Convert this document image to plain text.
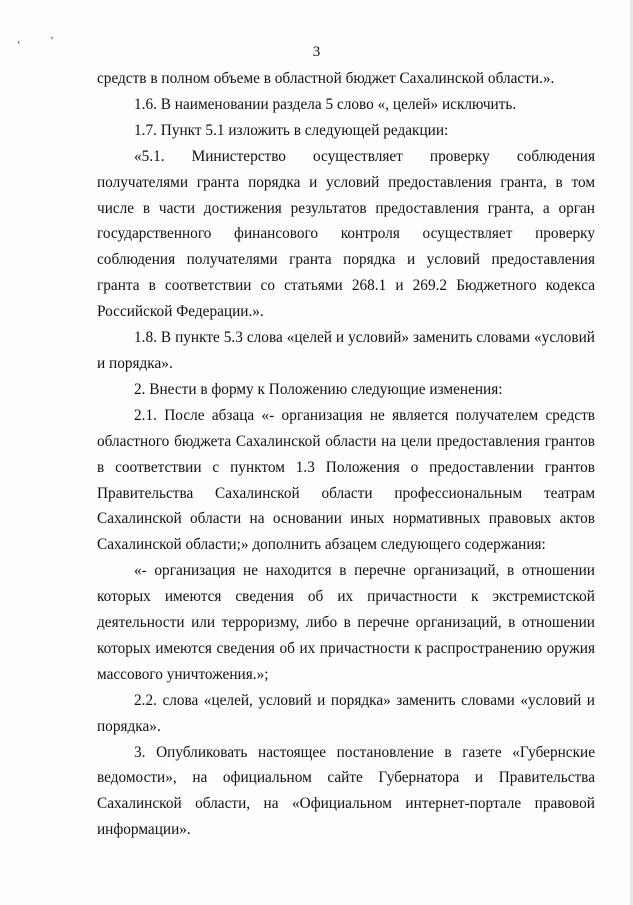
‘	’
3

средств в полном объеме в областной бюджет Сахалинской области.».

1.6. В наименовании раздела 5 слово «, целей» исключить.

1.7. Пункт 5.1 изложить в следующей редакции:

«5.1. Министерство осуществляет проверку соблюдения получателями гранта порядка и условий предоставления гранта, в том числе в части достижения результатов предоставления гранта, а орган государственного финансового контроля осуществляет проверку соблюдения получателями гранта порядка и условий предоставления гранта в соответствии со статьями 268.1 и 269.2 Бюджетного кодекса Российской Федерации.».

1.8. В пункте 5.3 слова «целей и условий» заменить словами «условий и порядка».

2. Внести в форму к Положению следующие изменения:

2.1. После абзаца «- организация не является получателем средств областного бюджета Сахалинской области на цели предоставления грантов в соответствии с пунктом 1.3 Положения о предоставлении грантов Правительства Сахалинской области профессиональным театрам Сахалинской области на основании иных нормативных правовых актов Сахалинской области;» дополнить абзацем следующего содержания:

«- организация не находится в перечне организаций, в отношении которых имеются сведения об их причастности к экстремистской деятельности или терроризму, либо в перечне организаций, в отношении которых имеются сведения об их причастности к распространению оружия массового уничтожения.»;

2.2. слова «целей, условий и порядка» заменить словами «условий и порядка».

3. Опубликовать настоящее постановление в газете «Губернские ведомости», на официальном сайте Губернатора и Правительства Сахалинской области, на «Официальном интернет-портале правовой информации».
